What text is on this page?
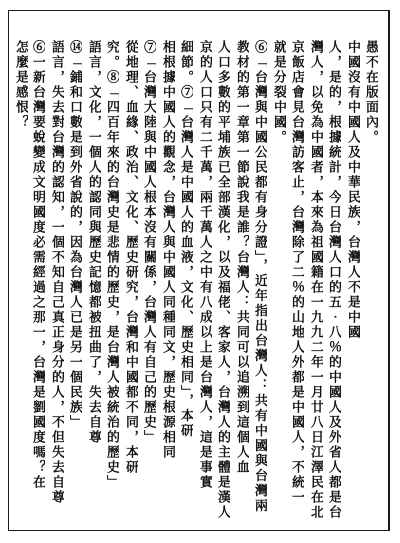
愚不在版面內。
中國沒有中國人及中華民族，台灣人不是中國
人，是的，根據統計，今日台灣人口的五‧八％的中國人及外省人都是台
灣人，以免為中國者，本來為祖國籍在一九九二年一月廿八日江澤民在北
京飯店會見台灣訪客止，台灣除了二％的山地人外都是中國人，不統一
就是分裂中國。
⑥「台灣與中國公民都有身分證」，近年指出台灣人：共有中國與台灣兩
教材的第一章第一節說我是誰？台灣人：共同可以追溯到這個人血
人口多數的平埔族已全部漢化，以及福佬、客家人，台灣人的主體是漢人
京的人口只有二千萬，兩千萬人之中有八成以上是台灣人，這是事實
細節。⑦「台灣人是中國人的血液，文化、歷史相同」，本研
相根據中國人的觀念，台灣人與中國人同種同文，歷史根源相同
⑦「台灣大陸與中國人根本沒有關係，台灣人有自己的歷史」
從地理、血緣、政治、文化、歷史研究，台灣和中國都不同，本研
究。⑧「四百年來的台灣史是悲情的歷史，是台灣人被統治的歷史」
語言，文化，一個人的認同與歷史記憶都被扭曲了，失去自尊
⑭「鋪和口數是到外省說的，因為台灣人已是另一個民族」
語言，失去對台灣的認知，一個不知自己真正身分的人，不但失去自尊
⑥一新台灣要蛻變成文明國度必需經過之那一，台灣是劉國度嗎？在
怎麼是感恨？
